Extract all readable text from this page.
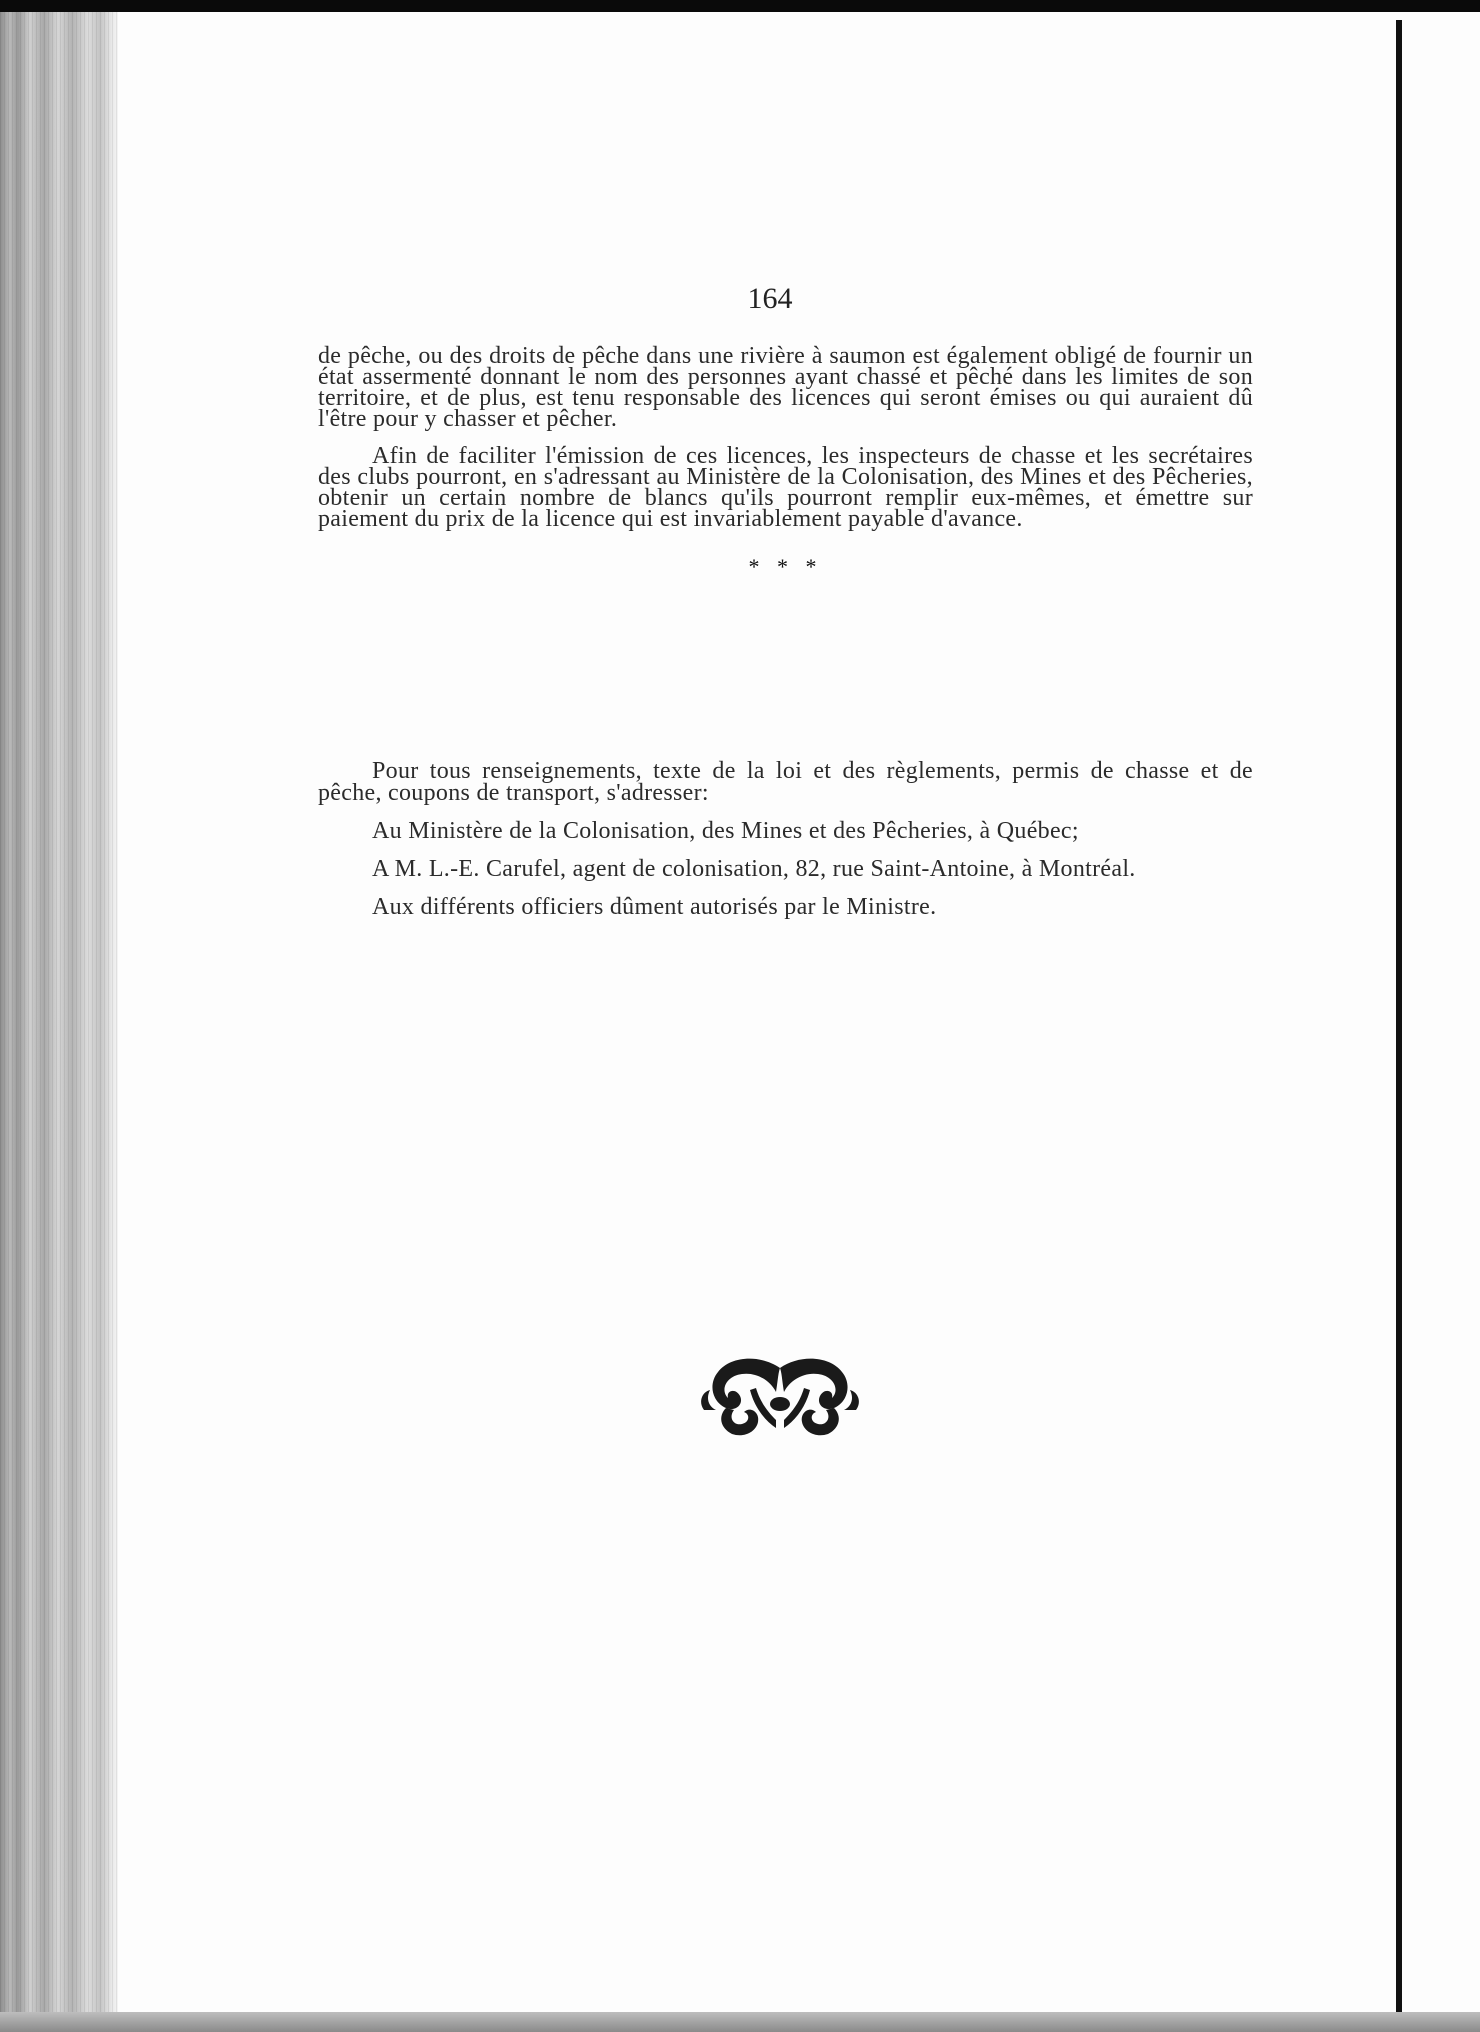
164

de pêche, ou des droits de pêche dans une rivière à saumon est également obligé de fournir un état assermenté donnant le nom des personnes ayant chassé et pêché dans les limites de son territoire, et de plus, est tenu responsable des licences qui seront émises ou qui auraient dû l'être pour y chasser et pêcher.

Afin de faciliter l'émission de ces licences, les inspecteurs de chasse et les secrétaires des clubs pourront, en s'adressant au Ministère de la Colonisation, des Mines et des Pêcheries, obtenir un certain nombre de blancs qu'ils pourront remplir eux-mêmes, et émettre sur paiement du prix de la licence qui est invariablement payable d'avance.

* * *

Pour tous renseignements, texte de la loi et des règlements, permis de chasse et de pêche, coupons de transport, s'adresser:

Au Ministère de la Colonisation, des Mines et des Pêcheries, à Québec;

A M. L.-E. Carufel, agent de colonisation, 82, rue Saint-Antoine, à Montréal.

Aux différents officiers dûment autorisés par le Ministre.
